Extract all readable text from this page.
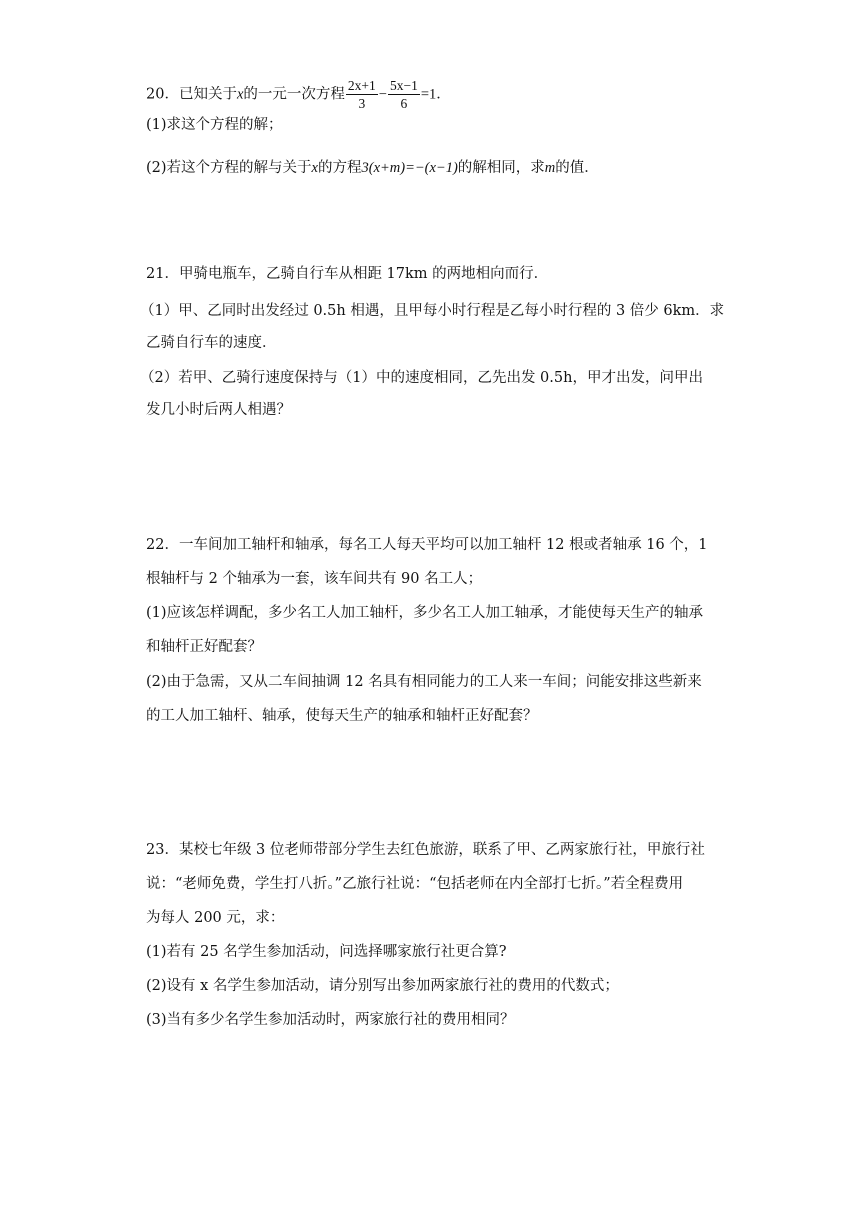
20．已知关于x的一元一次方程 $\frac{2x+1}{3} - \frac{5x-1}{6} =1$．
(1)求这个方程的解；
(2)若这个方程的解与关于x的方程3(x+m)=−(x−1)的解相同，求m的值．
21．甲骑电瓶车，乙骑自行车从相距 17km 的两地相向而行．
（1）甲、乙同时出发经过 0.5h 相遇，且甲每小时行程是乙每小时行程的 3 倍少 6km．求
乙骑自行车的速度．
（2）若甲、乙骑行速度保持与（1）中的速度相同，乙先出发 0.5h，甲才出发，问甲出
发几小时后两人相遇？
22．一车间加工轴杆和轴承，每名工人每天平均可以加工轴杆 12 根或者轴承 16 个，1
根轴杆与 2 个轴承为一套，该车间共有 90 名工人；
(1)应该怎样调配，多少名工人加工轴杆，多少名工人加工轴承，才能使每天生产的轴承
和轴杆正好配套？
(2)由于急需，又从二车间抽调 12 名具有相同能力的工人来一车间；问能安排这些新来
的工人加工轴杆、轴承，使每天生产的轴承和轴杆正好配套？
23．某校七年级 3 位老师带部分学生去红色旅游，联系了甲、乙两家旅行社，甲旅行社
说：“老师免费，学生打八折。”乙旅行社说：“包括老师在内全部打七折。”若全程费用
为每人 200 元，求：
(1)若有 25 名学生参加活动，问选择哪家旅行社更合算?
(2)设有 x 名学生参加活动，请分别写出参加两家旅行社的费用的代数式；
(3)当有多少名学生参加活动时，两家旅行社的费用相同？
